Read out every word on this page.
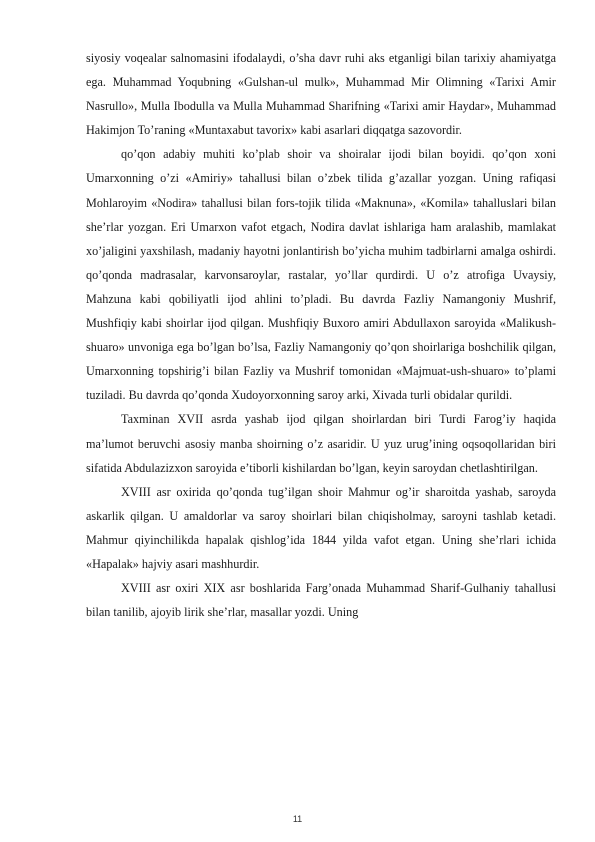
siyosiy voqealar salnomasini ifodalaydi, o’sha davr ruhi aks etganligi bilan tarixiy ahamiyatga ega. Muhammad Yoqubning «Gulshan-ul mulk», Muhammad Mir Olimning «Tarixi Amir Nasrullo», Mulla Ibodulla va Mulla Muhammad Sharifning «Tarixi amir Haydar», Muhammad Hakimjon To’raning «Muntaxabut tavorix» kabi asarlari diqqatga sazovordir.

qo’qon adabiy muhiti ko’plab shoir va shoiralar ijodi bilan boyidi. qo’qon xoni Umarxonning o’zi «Amiriy» tahallusi bilan o’zbek tilida g’azallar yozgan. Uning rafiqasi Mohlaroyim «Nodira» tahallusi bilan fors-tojik tilida «Maknuna», «Komila» tahalluslari bilan she’rlar yozgan. Eri Umarxon vafot etgach, Nodira davlat ishlariga ham aralashib, mamlakat xo’jaligini yaxshilash, madaniy hayotni jonlantirish bo’yicha muhim tadbirlarni amalga oshirdi. qo’qonda madrasalar, karvonsaroylar, rastalar, yo’llar qurdirdi. U o’z atrofiga Uvaysiy, Mahzuna kabi qobiliyatli ijod ahlini to’pladi. Bu davrda Fazliy Namangoniy Mushrif, Mushfiqiy kabi shoirlar ijod qilgan. Mushfiqiy Buxoro amiri Abdullaxon saroyida «Malikush-shuaro» unvoniga ega bo’lgan bo’lsa, Fazliy Namangoniy qo’qon shoirlariga boshchilik qilgan, Umarxonning topshirig’i bilan Fazliy va Mushrif tomonidan «Majmuat-ush-shuaro» to’plami tuziladi. Bu davrda qo’qonda Xudoyorxonning saroy arki, Xivada turli obidalar qurildi.

Taxminan XVII asrda yashab ijod qilgan shoirlardan biri Turdi Farog’iy haqida ma’lumot beruvchi asosiy manba shoirning o’z asaridir. U yuz urug’ining oqsoqollaridan biri sifatida Abdulazizxon saroyida e’tiborli kishilardan bo’lgan, keyin saroydan chetlashtirilgan.

XVIII asr oxirida qo’qonda tug’ilgan shoir Mahmur og’ir sharoitda yashab, saroyda askarlik qilgan. U amaldorlar va saroy shoirlari bilan chiqisholmay, saroyni tashlab ketadi. Mahmur qiyinchilikda hapalak qishlog’ida 1844 yilda vafot etgan. Uning she’rlari ichida «Hapalak» hajviy asari mashhurdir.

XVIII asr oxiri XIX asr boshlarida Farg’onada Muhammad Sharif-Gulhaniy tahallusi bilan tanilib, ajoyib lirik she’rlar, masallar yozdi. Uning

11
